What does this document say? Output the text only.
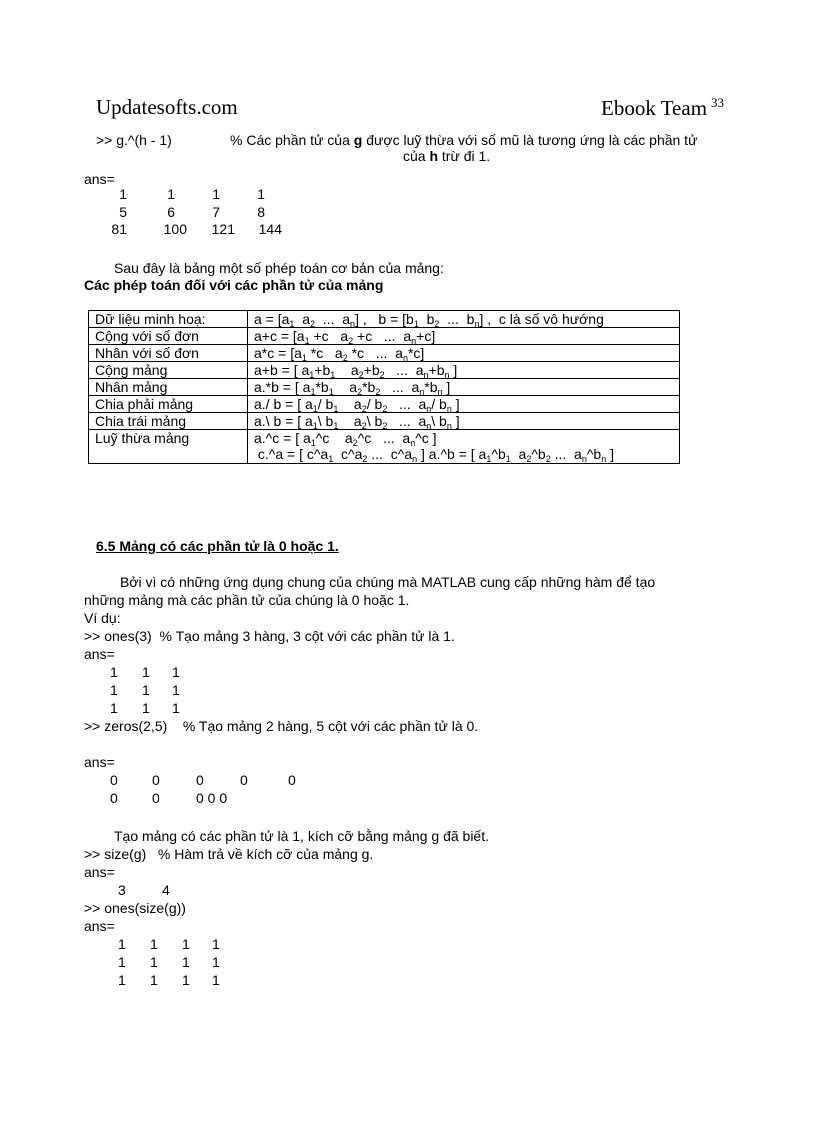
Updatesofts.com	Ebook Team $^{33}$
>> g.^(h - 1)	% Các phần tử của g được luỹ thừa với số mũ là tương ứng là các phần tử
của h trừ đi 1.
ans=
1	1	1	1
5	6	7	8
81	100	121	144
Sau đây là bảng một số phép toán cơ bản của mảng:
Các phép toán đối với các phần tử của mảng
Dữ liệu minh hoạ:	$a = [a_1$  $a_2$  ...  $a_n$] ,   $b = [b_1$  $b_2$  ...  $b_n$] ,  c là số vô hướng
Cộng với số đơn	$a+c = [a_1 +c$   $a_2 +c$   ...  $a_n+c$]
Nhân với số đơn	$a*c = [a_1$ *c   $a_2$ *c   ...  $a_n*c$]
Cộng mảng	a+b = [ $a_1+b_1$    $a_2+b_2$   ...  $a_n+b_n$ ]
Nhân mảng	a.*b = [ $a_1*b_1$    $a_2*b_2$   ...  $a_n*b_n$ ]
Chia phải mảng	a./ b = [ $a_1/$ $b_1$    $a_2/$ $b_2$   ...  $a_n/$ $b_n$ ]
Chia trái mảng	a.\ b = [ $a_1\backslash$ $b_1$    $a_2\backslash$ $b_2$   ...  $a_n\backslash$ $b_n$ ]
Luỹ thừa mảng	a.^c = [ $a_1\^{}c$    $a_2\^{}c$   ...  $a_n\^{}c$ ]
c.^a = [ $c\^{}a_1$  $c\^{}a_2$ ...  $c\^{}a_n$ ] a.^b = [ $a_1\^{}b_1$  $a_2\^{}b_2$ ...  $a_n\^{}b_n$ ]
6.5 Mảng có các phần tử là 0 hoặc 1.
Bởi vì có những ứng dụng chung của chúng mà MATLAB cung cấp những hàm để tạo
những mảng mà các phần tử của chúng là 0 hoặc 1.
Ví dụ:
>> ones(3)  % Tạo mảng 3 hàng, 3 cột với các phần tử là 1.
ans=
1 1 1
1 1 1
1 1 1
>> zeros(2,5)    % Tạo mảng 2 hàng, 5 cột với các phần tử là 0.
ans=
0 0	0	0	0
0 0	0 0 0
Tạo mảng có các phần tử là 1, kích cỡ bằng mảng g đã biết.
>> size(g)   % Hàm trả về kích cỡ của mảng g.
ans=
3	4
>> ones(size(g))
ans=
1 1 1 1
1 1 1 1
1 1 1 1
